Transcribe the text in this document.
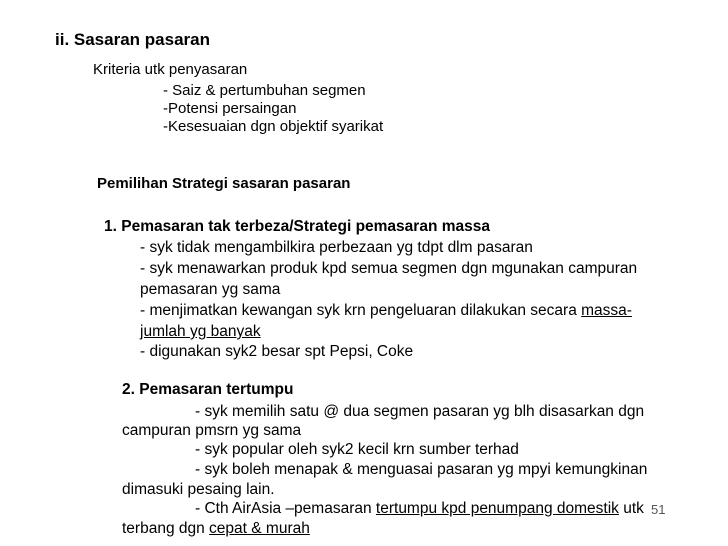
ii. Sasaran pasaran
Kriteria utk penyasaran
- Saiz & pertumbuhan segmen
-Potensi persaingan
-Kesesuaian dgn objektif syarikat
Pemilihan Strategi sasaran pasaran
1. Pemasaran tak terbeza/Strategi pemasaran massa
- syk tidak mengambilkira perbezaan yg tdpt dlm pasaran
- syk menawarkan produk kpd semua segmen dgn mgunakan campuran
pemasaran yg sama
- menjimatkan kewangan syk krn pengeluaran dilakukan secara massa-
jumlah yg banyak
- digunakan syk2 besar spt Pepsi, Coke
2. Pemasaran tertumpu
- syk memilih satu @ dua segmen pasaran yg blh disasarkan dgn
campuran pmsrn yg sama
- syk popular oleh syk2 kecil krn sumber terhad
- syk boleh menapak & menguasai pasaran yg mpyi kemungkinan
dimasuki pesaing lain.
- Cth AirAsia –pemasaran tertumpu kpd penumpang domestik utk
terbang dgn cepat & murah
51
